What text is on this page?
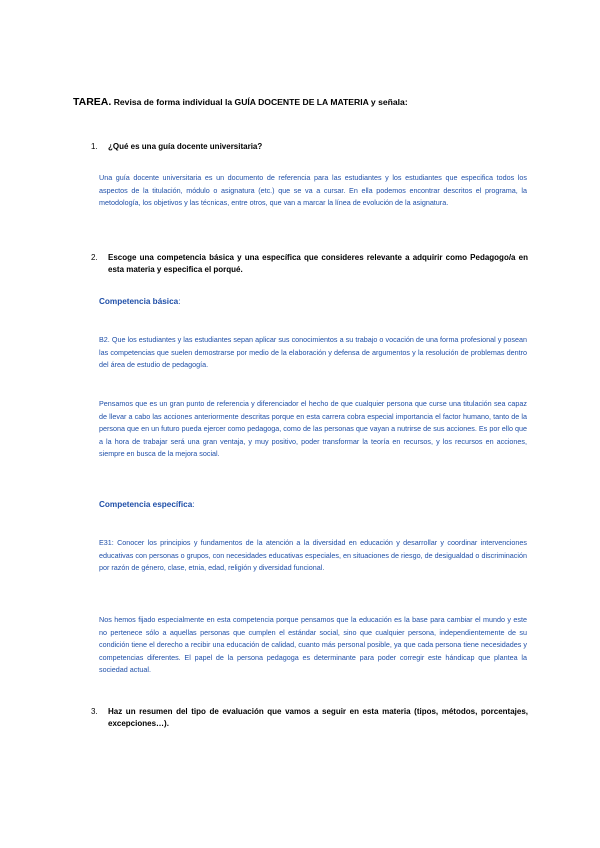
TAREA. Revisa de forma individual la GUÍA DOCENTE DE LA MATERIA y señala:
1. ¿Qué es una guía docente universitaria?
Una guía docente universitaria es un documento de referencia para las estudiantes y los estudiantes que especifica todos los aspectos de la titulación, módulo o asignatura (etc.) que se va a cursar. En ella podemos encontrar descritos el programa, la metodología, los objetivos y las técnicas, entre otros, que van a marcar la línea de evolución de la asignatura.
2. Escoge una competencia básica y una específica que consideres relevante a adquirir como Pedagogo/a en esta materia y especifica el porqué.
Competencia básica:
B2. Que los estudiantes y las estudiantes sepan aplicar sus conocimientos a su trabajo o vocación de una forma profesional y posean las competencias que suelen demostrarse por medio de la elaboración y defensa de argumentos y la resolución de problemas dentro del área de estudio de pedagogía.
Pensamos que es un gran punto de referencia y diferenciador el hecho de que cualquier persona que curse una titulación sea capaz de llevar a cabo las acciones anteriormente descritas porque en esta carrera cobra especial importancia el factor humano, tanto de la persona que en un futuro pueda ejercer como pedagoga, como de las personas que vayan a nutrirse de sus acciones. Es por ello que a la hora de trabajar será una gran ventaja, y muy positivo, poder transformar la teoría en recursos, y los recursos en acciones, siempre en busca de la mejora social.
Competencia específica:
E31: Conocer los principios y fundamentos de la atención a la diversidad en educación y desarrollar y coordinar intervenciones educativas con personas o grupos, con necesidades educativas especiales, en situaciones de riesgo, de desigualdad o discriminación por razón de género, clase, etnia, edad, religión y diversidad funcional.
Nos hemos fijado especialmente en esta competencia porque pensamos que la educación es la base para cambiar el mundo y este no pertenece sólo a aquellas personas que cumplen el estándar social, sino que cualquier persona, independientemente de su condición tiene el derecho a recibir una educación de calidad, cuanto más personal posible, ya que cada persona tiene necesidades y competencias diferentes. El papel de la persona pedagoga es determinante para poder corregir este hándicap que plantea la sociedad actual.
3. Haz un resumen del tipo de evaluación que vamos a seguir en esta materia (tipos, métodos, porcentajes, excepciones…).
